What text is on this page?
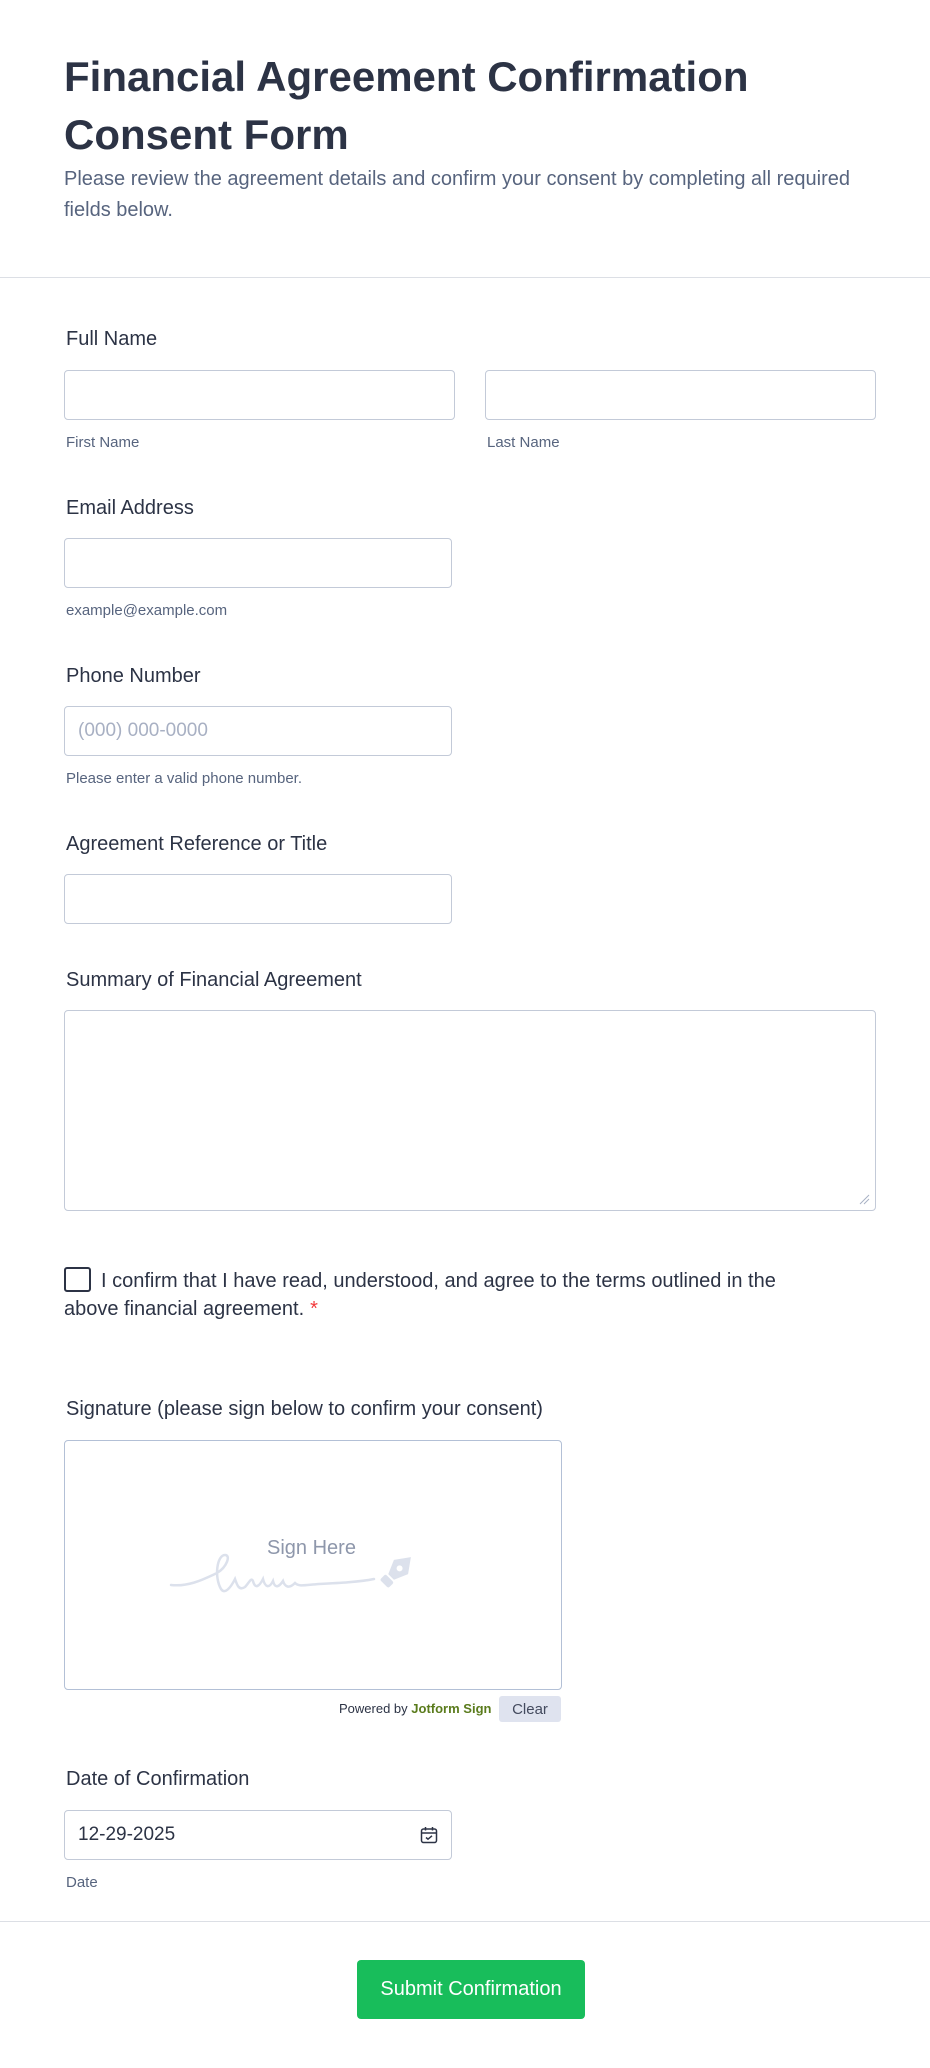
Financial Agreement Confirmation Consent Form

Please review the agreement details and confirm your consent by completing all required fields below.

Full Name
First Name	Last Name
Email Address
example@example.com
Phone Number
(000) 000-0000
Please enter a valid phone number.
Agreement Reference or Title
Summary of Financial Agreement
I confirm that I have read, understood, and agree to the terms outlined in the above financial agreement. *
Signature (please sign below to confirm your consent)
Sign Here
Powered by Jotform Sign	Clear
Date of Confirmation
12-29-2025
Date
Submit Confirmation
